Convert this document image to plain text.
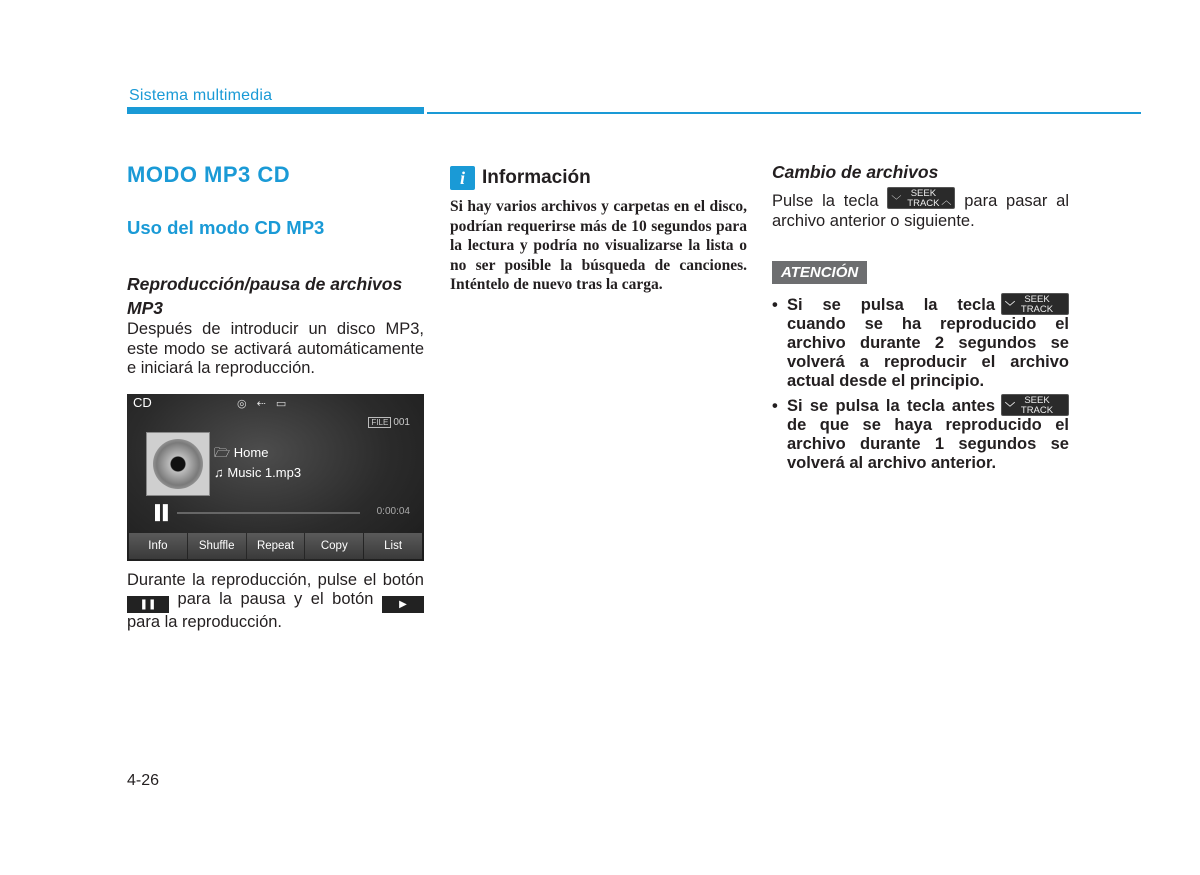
Sistema multimedia
MODO MP3 CD
Uso del modo CD MP3
Reproducción/pausa de archivos MP3

Después de introducir un disco MP3, este modo se activará automáticamente e iniciará la reproducción.

CD	◎⇠▭
FILE 001
🗁 Home
♫ Music 1.mp3
▌▌	0:00:04
Info	Shuffle	Repeat	Copy	List

Durante la reproducción, pulse el botón ❚❚ para la pausa y el botón	▶ para la reproducción.

i Información

Si hay varios archivos y carpetas en el disco, podrían requerirse más de 10 segundos para la lectura y podría no visualizarse la lista o no ser posible la búsqueda de canciones. Inténtelo de nuevo tras la carga.

Cambio de archivos

Pulse la tecla ﹀
SEEK
TRACK ︿ para pasar al archivo anterior o siguiente.

ATENCIÓN

• ﹀
SEEK
TRACK
Si se pulsa la tecla cuando se ha reproducido el archivo durante 2 segundos se volverá a reproducir el archivo actual desde el principio.

• ﹀
SEEK
TRACK
Si se pulsa la tecla antes de que se haya reproducido el archivo durante 1 segundos se volverá al archivo anterior.

4-26
